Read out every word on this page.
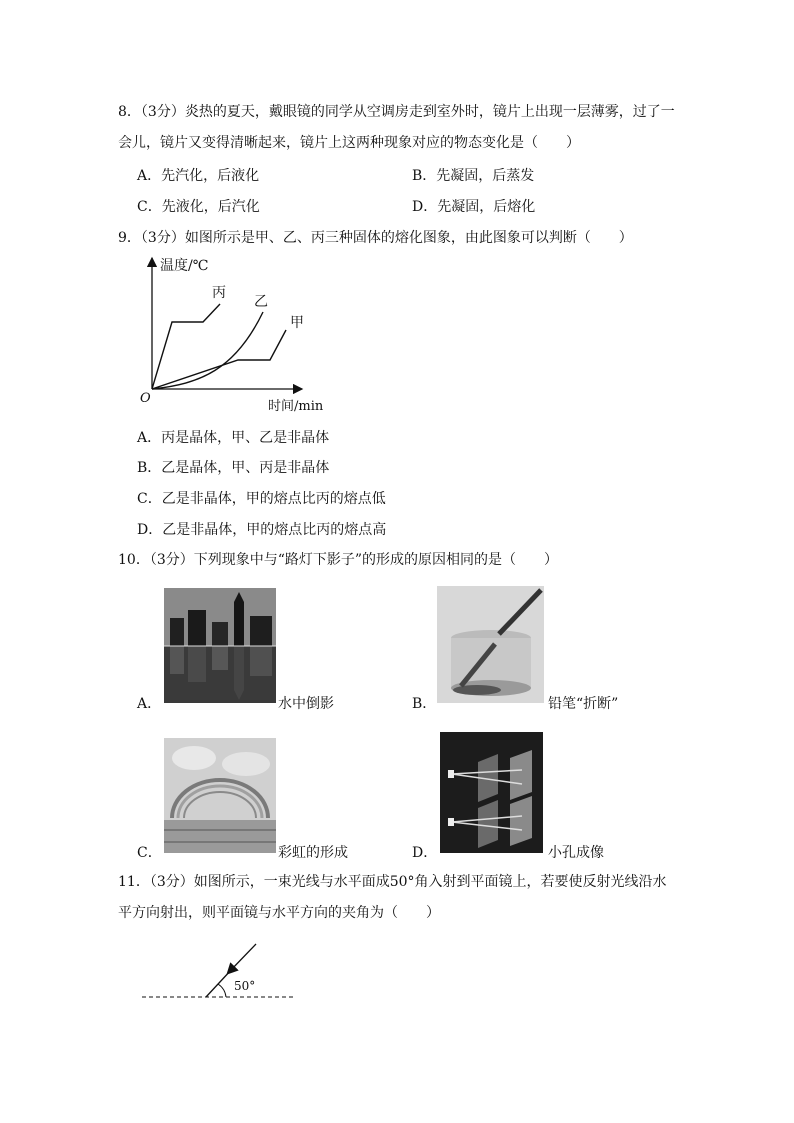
8．（3分）炎热的夏天，戴眼镜的同学从空调房走到室外时，镜片上出现一层薄雾，过了一
会儿，镜片又变得清晰起来，镜片上这两种现象对应的物态变化是（　　）
A．先汽化，后液化	B．先凝固，后蒸发
C．先液化，后汽化	D．先凝固，后熔化
9．（3分）如图所示是甲、乙、丙三种固体的熔化图象，由此图象可以判断（　　）
温度/℃
时间/min
O
丙
乙
甲
A．丙是晶体，甲、乙是非晶体
B．乙是晶体，甲、丙是非晶体
C．乙是非晶体，甲的熔点比丙的熔点低
D．乙是非晶体，甲的熔点比丙的熔点高
10．（3分）下列现象中与“路灯下影子”的形成的原因相同的是（　　）
A．	水中倒影	B．	铅笔“折断”
C．	彩虹的形成	D．	小孔成像
11．（3分）如图所示，一束光线与水平面成50°角入射到平面镜上，若要使反射光线沿水
平方向射出，则平面镜与水平方向的夹角为（　　）
50°
